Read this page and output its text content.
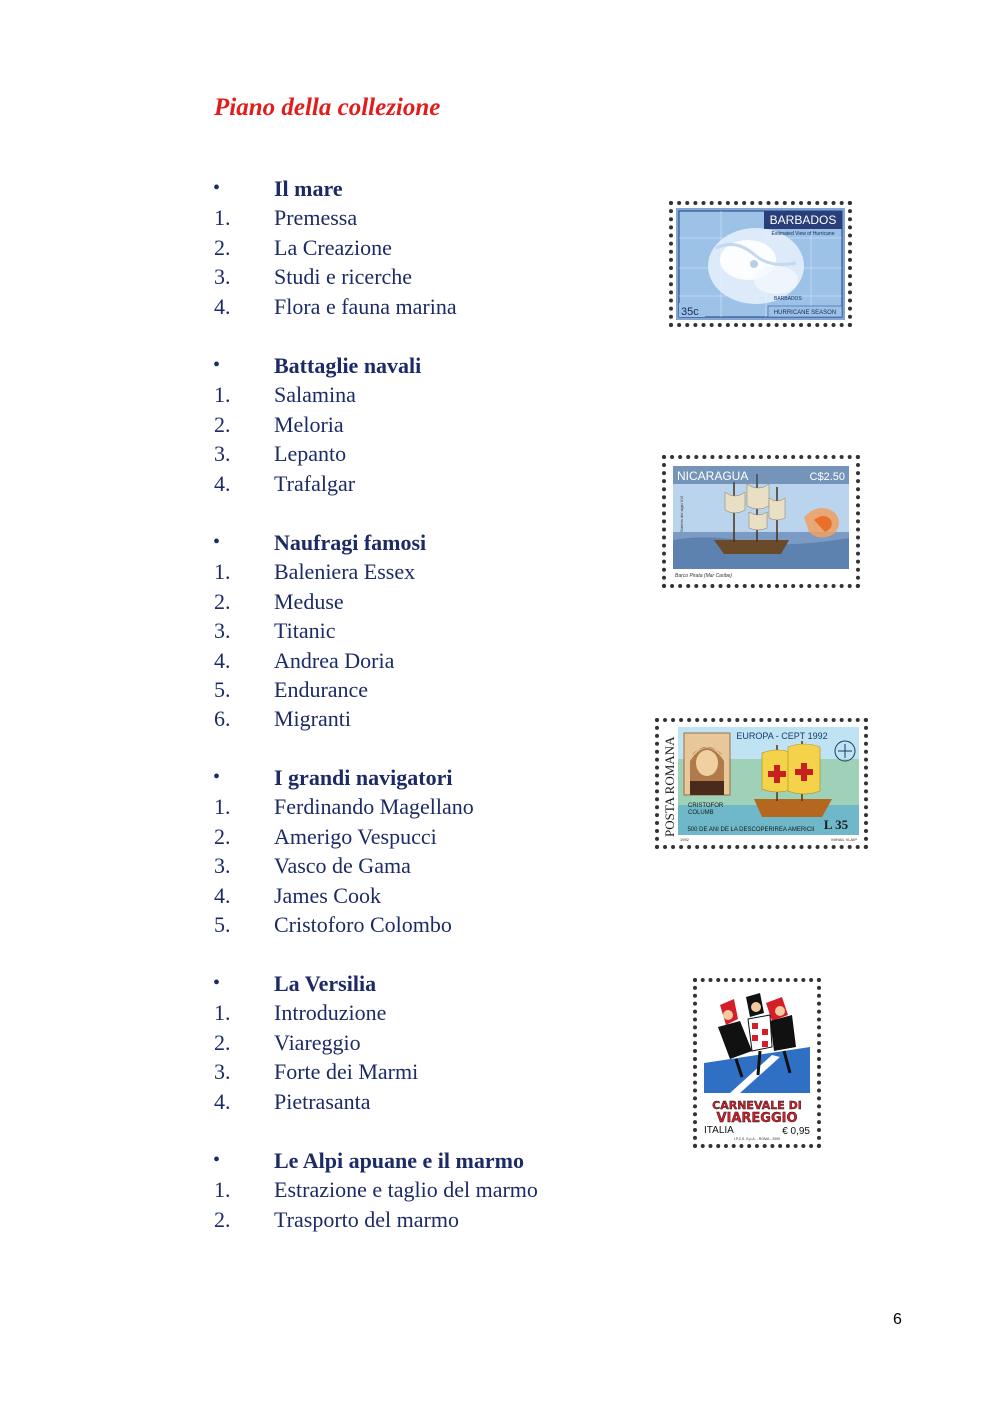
Piano della collezione
• Il mare
1. Premessa
2. La Creazione
3. Studi e ricerche
4. Flora e fauna marina
• Battaglie navali
1. Salamina
2. Meloria
3. Lepanto
4. Trafalgar
• Naufragi famosi
1. Baleniera Essex
2. Meduse
3. Titanic
4. Andrea Doria
5. Endurance
6. Migranti
• I grandi navigatori
1. Ferdinando Magellano
2. Amerigo Vespucci
3. Vasco de Gama
4. James Cook
5. Cristoforo Colombo
• La Versilia
1. Introduzione
2. Viareggio
3. Forte dei Marmi
4. Pietrasanta
• Le Alpi apuane e il marmo
1. Estrazione e taglio del marmo
2. Trasporto del marmo
BARBADOS
Estimated View of Hurricane
BARBADOS
35c	HURRICANE SEASON
NICARAGUA	C$2.50
Galeón del siglo XVI
Barco Pirata (Mar Caribe)
POSTA ROMANA
EUROPA - CEPT 1992
CRISTOFOR
COLUMB
L 35
500 DE ANI DE LA DESCOPERIREA AMERICII
1992	MIHAIL VLAIP
CARNEVALE DI
VIAREGGIO
ITALIA	€ 0,95
I.P.Z.S. S.p.A. - ROMA - 2009
6
